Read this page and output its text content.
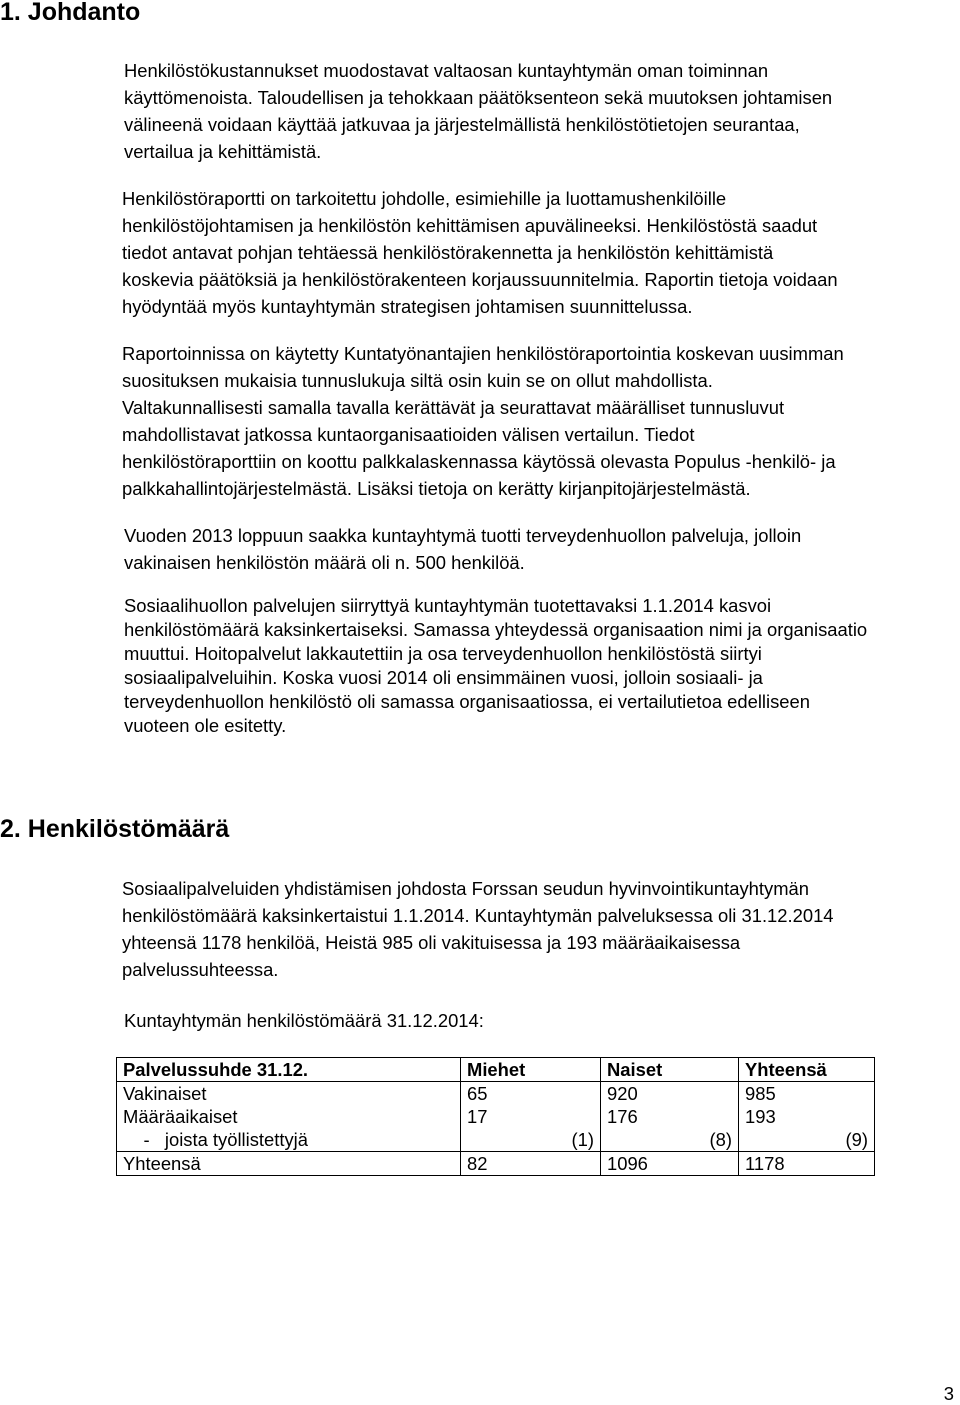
1. Johdanto
Henkilöstökustannukset muodostavat valtaosan kuntayhtymän oman toiminnan
käyttömenoista. Taloudellisen ja tehokkaan päätöksenteon sekä muutoksen johtamisen
välineenä voidaan käyttää jatkuvaa ja järjestelmällistä henkilöstötietojen seurantaa,
vertailua ja kehittämistä.
Henkilöstöraportti on tarkoitettu johdolle, esimiehille ja luottamushenkilöille
henkilöstöjohtamisen ja henkilöstön kehittämisen apuvälineeksi. Henkilöstöstä saadut
tiedot antavat pohjan tehtäessä henkilöstörakennetta ja henkilöstön kehittämistä
koskevia päätöksiä ja henkilöstörakenteen korjaussuunnitelmia. Raportin tietoja voidaan
hyödyntää myös kuntayhtymän strategisen johtamisen suunnittelussa.
Raportoinnissa on käytetty Kuntatyönantajien henkilöstöraportointia koskevan uusimman
suosituksen mukaisia tunnuslukuja siltä osin kuin se on ollut mahdollista.
Valtakunnallisesti samalla tavalla kerättävät ja seurattavat määrälliset tunnusluvut
mahdollistavat jatkossa kuntaorganisaatioiden välisen vertailun. Tiedot
henkilöstöraporttiin on koottu palkkalaskennassa käytössä olevasta Populus -henkilö- ja
palkkahallintojärjestelmästä. Lisäksi tietoja on kerätty kirjanpitojärjestelmästä.
Vuoden 2013 loppuun saakka kuntayhtymä tuotti terveydenhuollon palveluja, jolloin
vakinaisen henkilöstön määrä oli n. 500 henkilöä.
Sosiaalihuollon palvelujen siirryttyä kuntayhtymän tuotettavaksi 1.1.2014 kasvoi
henkilöstömäärä kaksinkertaiseksi. Samassa yhteydessä organisaation nimi ja organisaatio
muuttui. Hoitopalvelut lakkautettiin ja osa terveydenhuollon henkilöstöstä siirtyi
sosiaalipalveluihin. Koska vuosi 2014 oli ensimmäinen vuosi, jolloin sosiaali- ja
terveydenhuollon henkilöstö oli samassa organisaatiossa, ei vertailutietoa edelliseen
vuoteen ole esitetty.
2. Henkilöstömäärä
Sosiaalipalveluiden yhdistämisen johdosta Forssan seudun hyvinvointikuntayhtymän
henkilöstömäärä kaksinkertaistui 1.1.2014. Kuntayhtymän palveluksessa oli 31.12.2014
yhteensä 1178 henkilöä, Heistä 985 oli vakituisessa ja 193 määräaikaisessa
palvelussuhteessa.
Kuntayhtymän henkilöstömäärä 31.12.2014:
Palvelussuhde 31.12.	Miehet	Naiset	Yhteensä
Vakinaiset	65	920	985
Määräaikaiset	17	176	193
-   joista työllistettyjä	(1)	(8)	(9)
Yhteensä	82	1096	1178
3
